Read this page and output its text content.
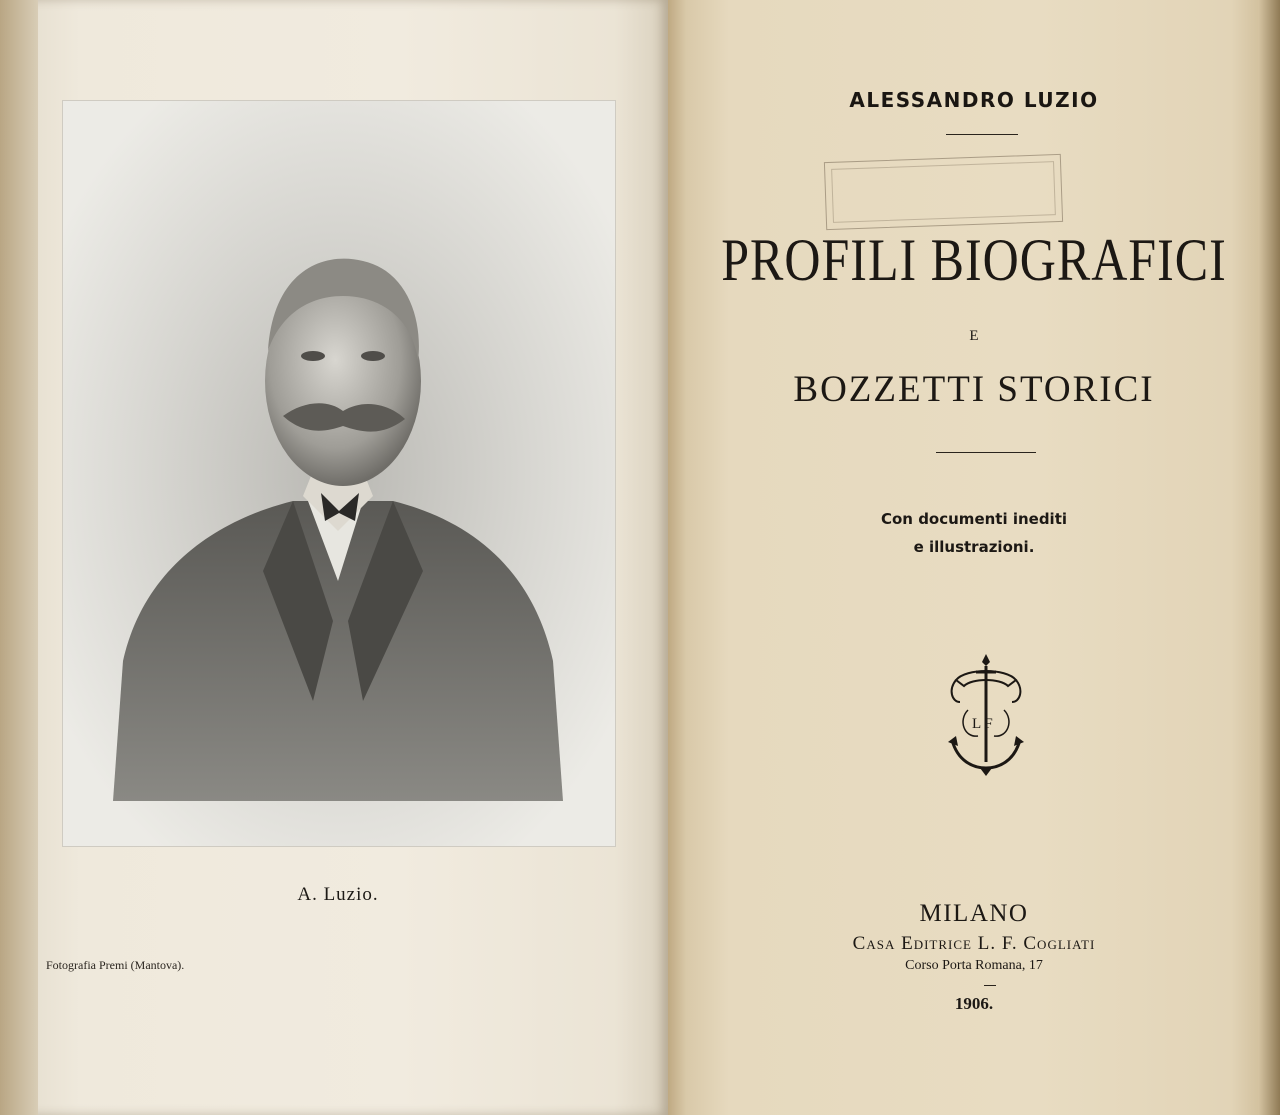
A. Luzio.
Fotografia Premi (Mantova).
ALESSANDRO LUZIO
PROFILI BIOGRAFICI
E
BOZZETTI STORICI
Con documenti inediti
e illustrazioni.
L F
MILANO
Casa Editrice L. F. Cogliati
Corso Porta Romana, 17
1906.
